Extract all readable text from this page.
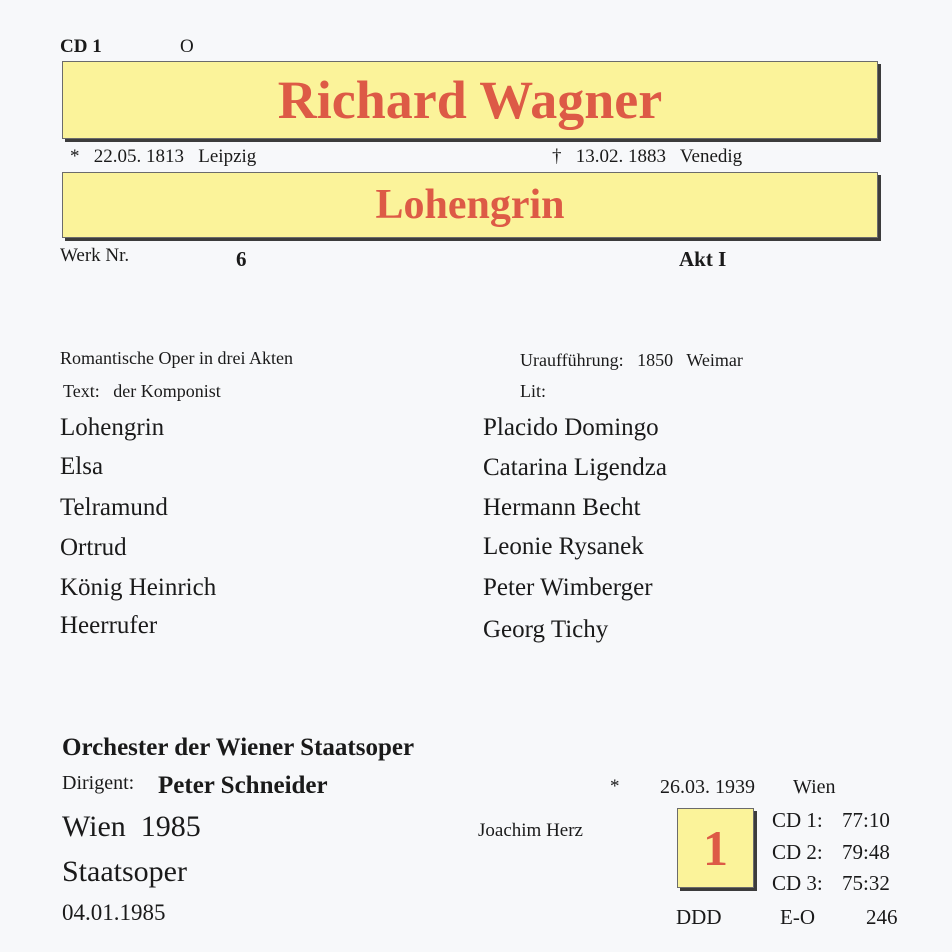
CD 1	O
Richard Wagner
* 22.05. 1813 Leipzig	† 13.02. 1883 Venedig
Lohengrin
Werk Nr.	6	Akt I
Romantische Oper in drei Akten
Text: der Komponist
Uraufführung: 1850 Weimar
Lit:
Lohengrin	Placido Domingo
Elsa	Catarina Ligendza
Telramund	Hermann Becht
Ortrud	Leonie Rysanek
König Heinrich	Peter Wimberger
Heerrufer	Georg Tichy
Orchester der Wiener Staatsoper
Dirigent: Peter Schneider	* 26.03. 1939 Wien
Wien  1985
Staatsoper
04.01.1985
Joachim Herz 1 CD 1: 77:10
CD 2: 79:48
CD 3: 75:32
DDD	E-O 246
